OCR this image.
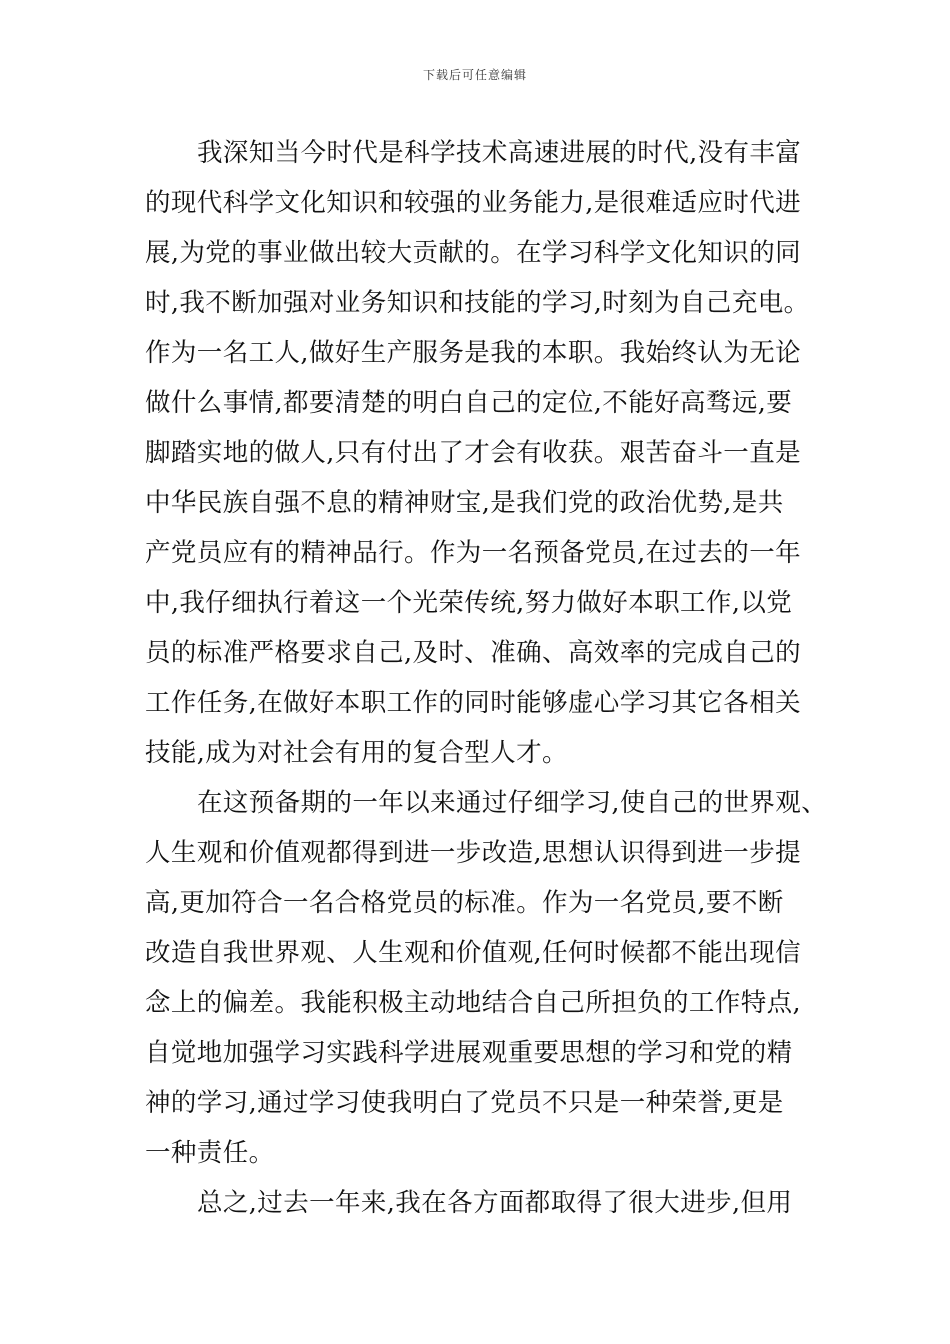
下载后可任意编辑
我深知当今时代是科学技术高速进展的时代,没有丰富
的现代科学文化知识和较强的业务能力,是很难适应时代进
展,为党的事业做出较大贡献的。在学习科学文化知识的同
时,我不断加强对业务知识和技能的学习,时刻为自己充电。
作为一名工人,做好生产服务是我的本职。我始终认为无论
做什么事情,都要清楚的明白自己的定位,不能好高骛远,要
脚踏实地的做人,只有付出了才会有收获。艰苦奋斗一直是
中华民族自强不息的精神财宝,是我们党的政治优势,是共
产党员应有的精神品行。作为一名预备党员,在过去的一年
中,我仔细执行着这一个光荣传统,努力做好本职工作,以党
员的标准严格要求自己,及时、准确、高效率的完成自己的
工作任务,在做好本职工作的同时能够虚心学习其它各相关
技能,成为对社会有用的复合型人才。
在这预备期的一年以来通过仔细学习,使自己的世界观、
人生观和价值观都得到进一步改造,思想认识得到进一步提
高,更加符合一名合格党员的标准。作为一名党员,要不断
改造自我世界观、人生观和价值观,任何时候都不能出现信
念上的偏差。我能积极主动地结合自己所担负的工作特点,
自觉地加强学习实践科学进展观重要思想的学习和党的精
神的学习,通过学习使我明白了党员不只是一种荣誉,更是
一种责任。
总之,过去一年来,我在各方面都取得了很大进步,但用
